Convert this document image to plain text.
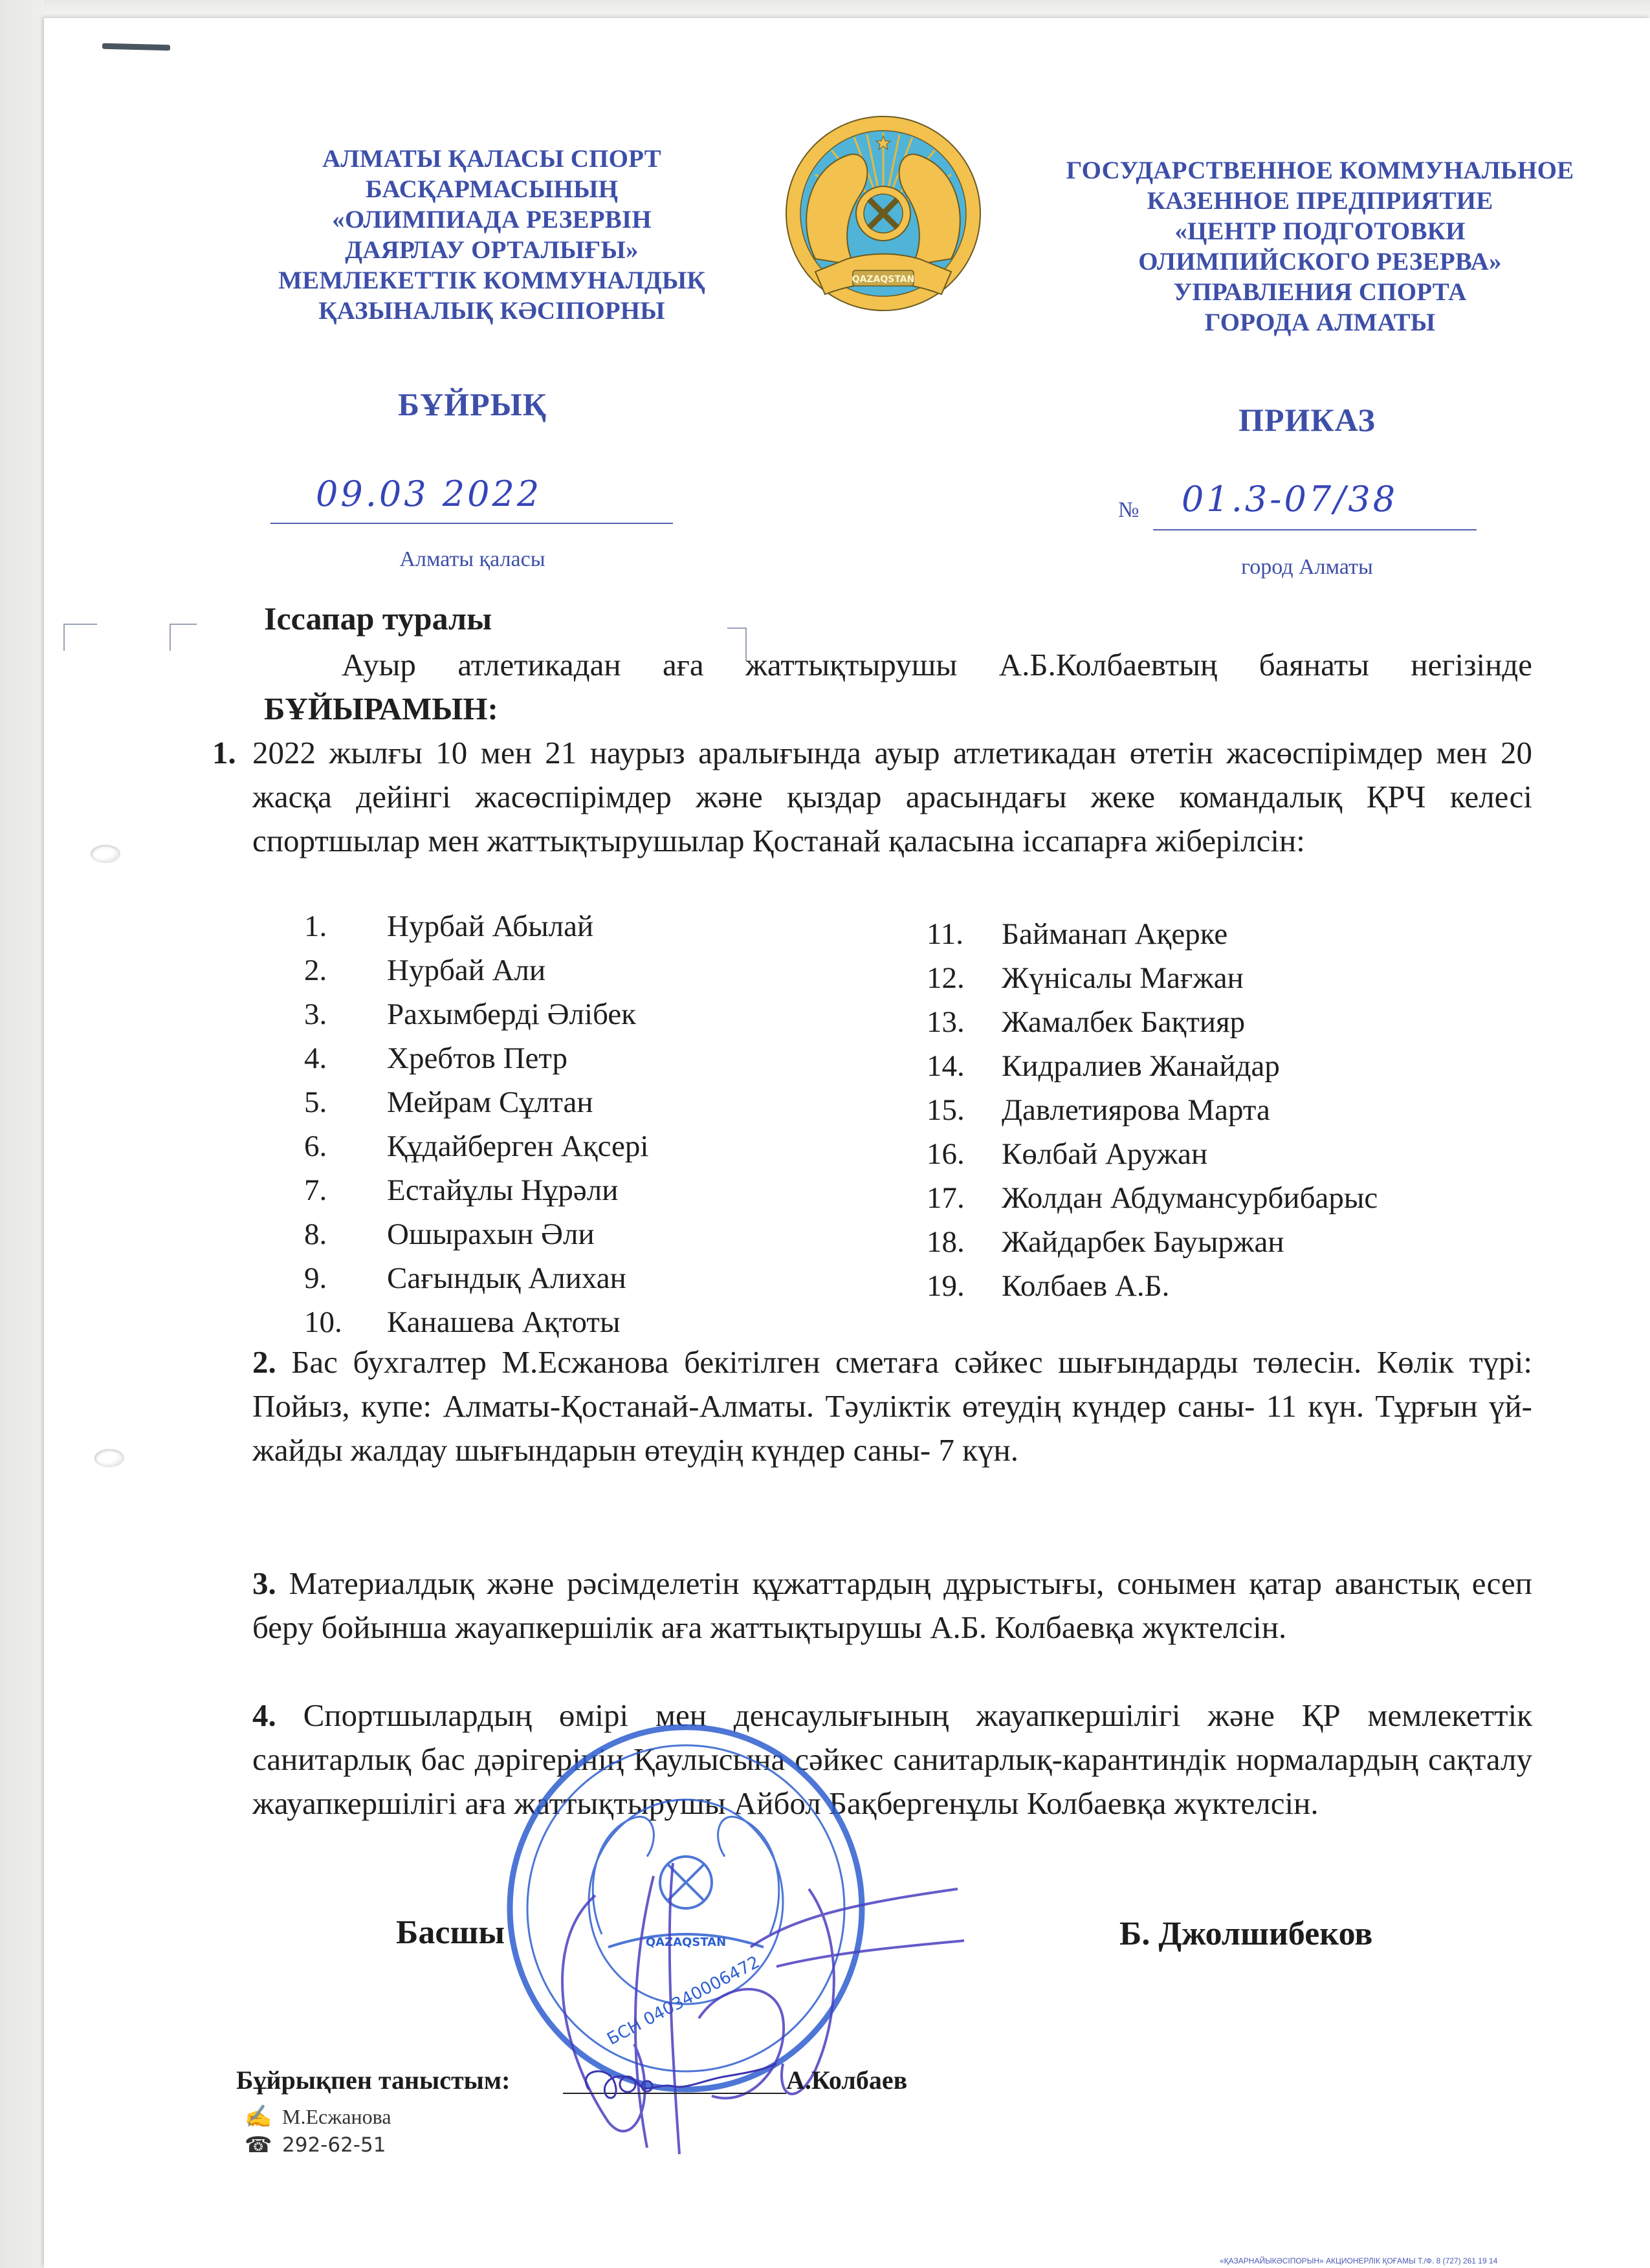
АЛМАТЫ ҚАЛАСЫ СПОРТ
БАСҚАРМАСЫНЫҢ
«ОЛИМПИАДА РЕЗЕРВІН
ДАЯРЛАУ ОРТАЛЫҒЫ»
МЕМЛЕКЕТТІК КОММУНАЛДЫҚ
ҚАЗЫНАЛЫҚ КӘСІПОРНЫ
QAZAQSTAN
ГОСУДАРСТВЕННОЕ КОММУНАЛЬНОЕ
КАЗЕННОЕ ПРЕДПРИЯТИЕ
«ЦЕНТР ПОДГОТОВКИ
ОЛИМПИЙСКОГО РЕЗЕРВА»
УПРАВЛЕНИЯ СПОРТА
ГОРОДА АЛМАТЫ
БҰЙРЫҚ	ПРИКАЗ
09.03 2022	№ 01.3-07/38
Алматы қаласы	город Алматы
Іссапар туралы
Ауыр атлетикадан аға жаттықтырушы А.Б.Колбаевтың баянаты негізінде БҰЙЫРАМЫН:
1. 2022 жылғы 10 мен 21 наурыз аралығында ауыр атлетикадан өтетін жасөспірімдер мен 20 жасқа дейінгі жасөспірімдер және қыздар арасындағы жеке командалық ҚРЧ келесі спортшылар мен жаттықтырушылар Қостанай қаласына іссапарға жіберілсін:
1.	Нурбай Абылай
2.	Нурбай Али
3.	Рахымберді Әлібек
4.	Хребтов Петр
5.	Мейрам Сұлтан
6.	Құдайберген Ақсері
7.	Естайұлы Нұрәли
8.	Ошырахын Әли
9.	Сағындық Алихан
10.	Канашева Ақтоты
11.	Байманап Ақерке
12.	Жүнісалы Мағжан
13.	Жамалбек Бақтияр
14.	Кидралиев Жанайдар
15.	Давлетиярова Марта
16.	Көлбай Аружан
17.	Жолдан Абдумансурбибарыс
18.	Жайдарбек Бауыржан
19.	Колбаев А.Б.
2. Бас бухгалтер М.Есжанова бекітілген сметаға сәйкес шығындарды төлесін. Көлік түрі: Пойыз, купе: Алматы-Қостанай-Алматы. Тәуліктік өтеудің күндер саны- 11 күн. Тұрғын үй-жайды жалдау шығындарын өтеудің күндер саны- 7 күн.
3. Материалдық және рәсімделетін құжаттардың дұрыстығы, сонымен қатар аванстық есеп беру бойынша жауапкершілік аға жаттықтырушы А.Б. Колбаевқа жүктелсін.
4. Спортшылардың өмірі мен денсаулығының жауапкершілігі және ҚР мемлекеттік санитарлық бас дәрігерінің Қаулысына сәйкес санитарлық-карантиндік нормалардың сақталу жауапкершілігі аға жаттықтырушы Айбол Бақбергенұлы Колбаевқа жүктелсін.
Басшы	Б. Джолшибеков
QAZAQSTAN
БСН 040340006472
Бұйрықпен таныстым:	А.Колбаев
✍ М.Есжанова
☎ 292-62-51
«ҚАЗАРНАЙЫКӘСІПОРЫН» АКЦИОНЕРЛІК ҚОҒАМЫ Т./Ф. 8 (727) 261 19 14
